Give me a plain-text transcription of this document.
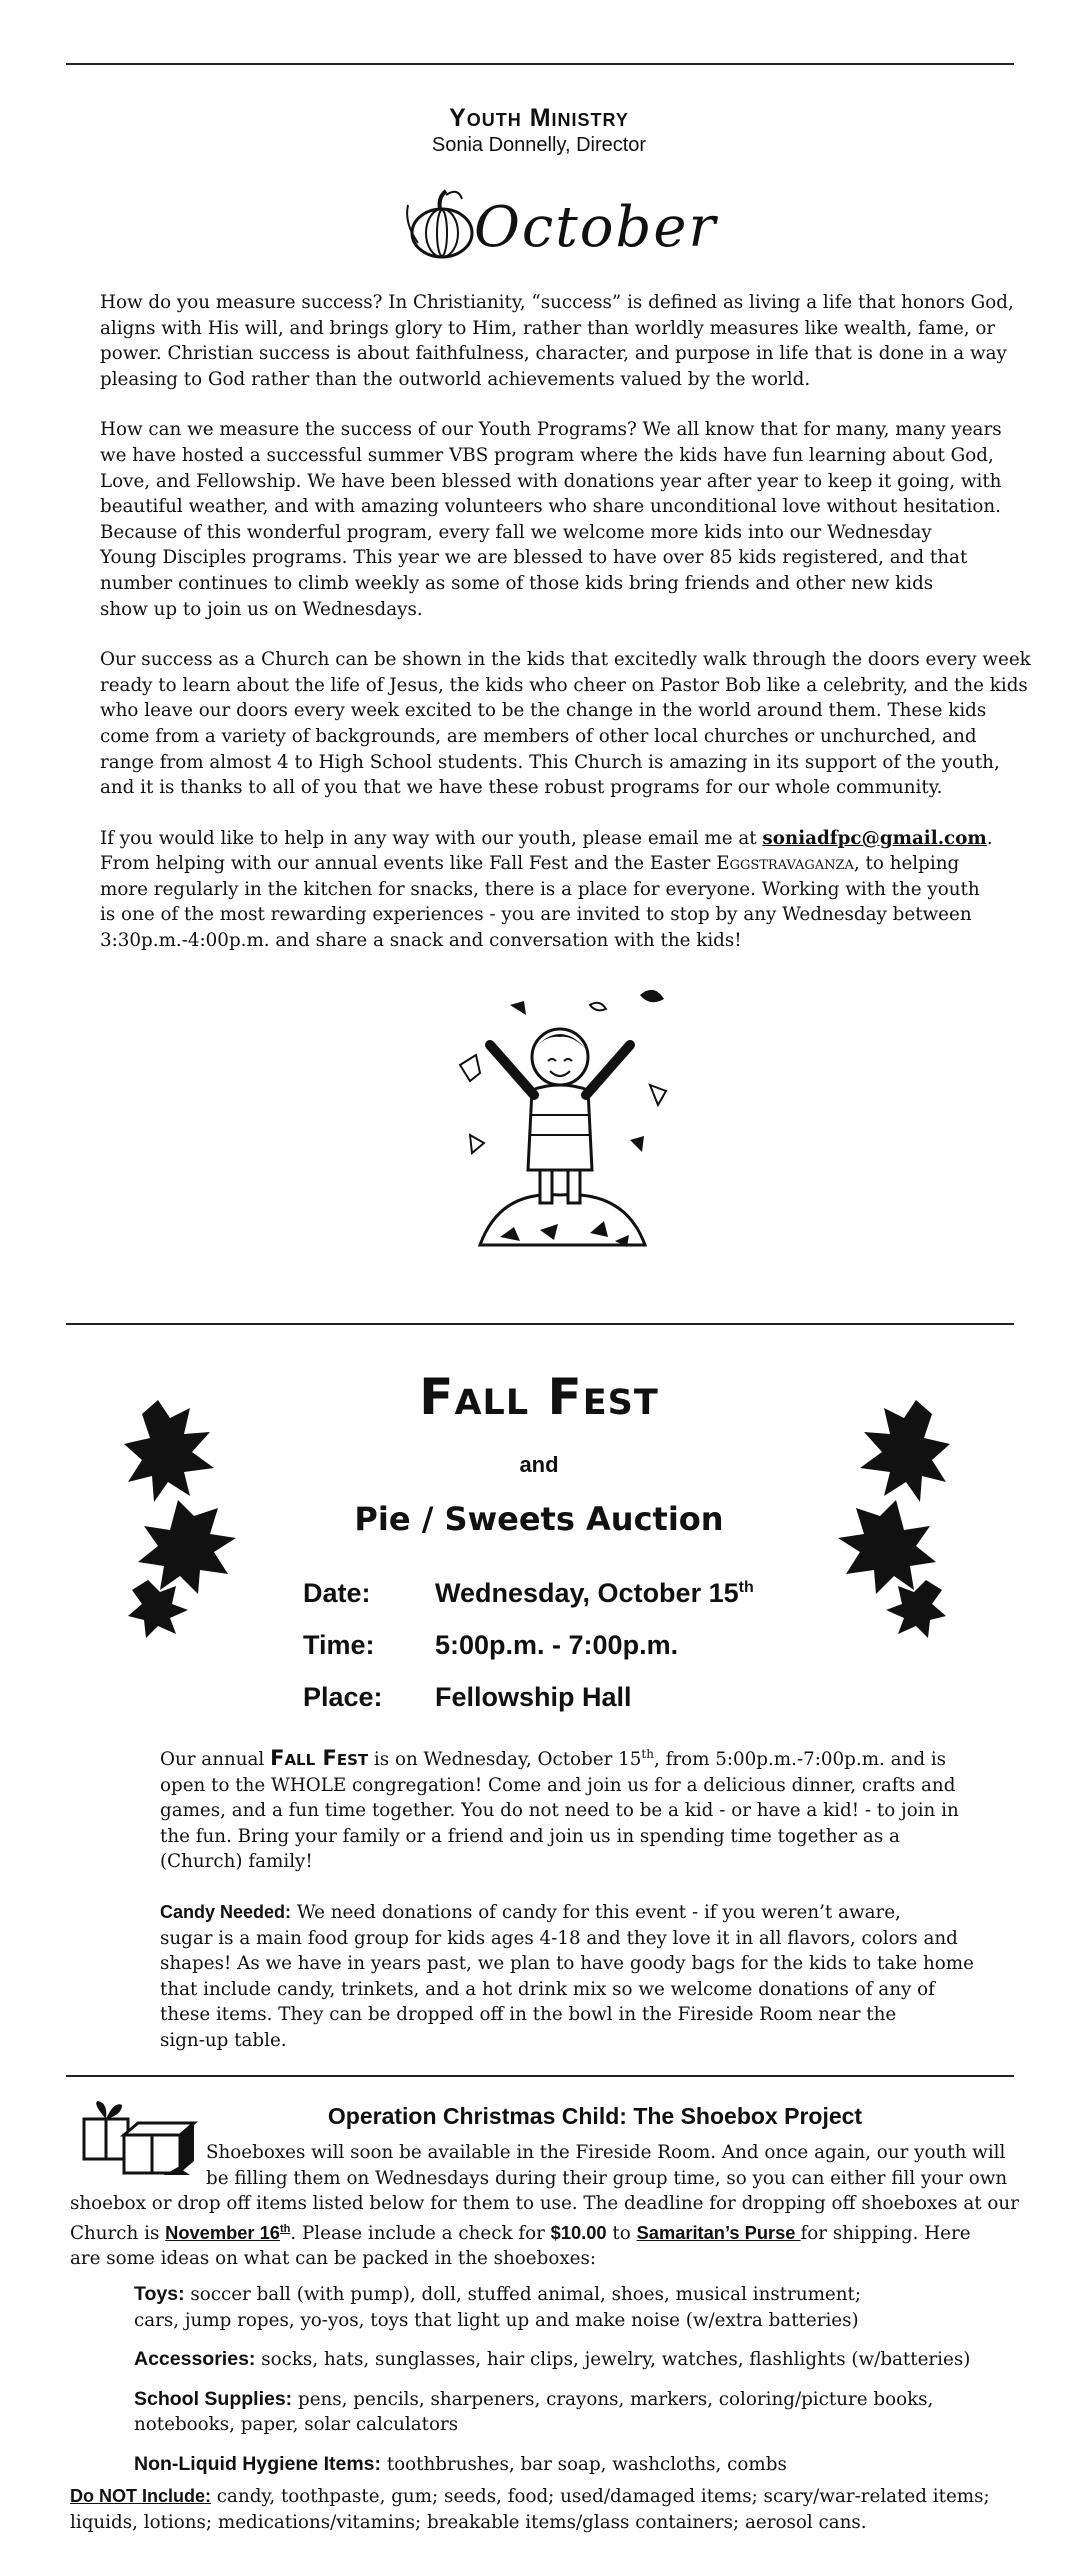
Youth Ministry
Sonia Donnelly, Director
October

How do you measure success? In Christianity, “success” is defined as living a life that honors God,
aligns with His will, and brings glory to Him, rather than worldly measures like wealth, fame, or
power. Christian success is about faithfulness, character, and purpose in life that is done in a way
pleasing to God rather than the outworld achievements valued by the world.

How can we measure the success of our Youth Programs? We all know that for many, many years
we have hosted a successful summer VBS program where the kids have fun learning about God,
Love, and Fellowship. We have been blessed with donations year after year to keep it going, with
beautiful weather, and with amazing volunteers who share unconditional love without hesitation.
Because of this wonderful program, every fall we welcome more kids into our Wednesday
Young Disciples programs. This year we are blessed to have over 85 kids registered, and that
number continues to climb weekly as some of those kids bring friends and other new kids
show up to join us on Wednesdays.

Our success as a Church can be shown in the kids that excitedly walk through the doors every week
ready to learn about the life of Jesus, the kids who cheer on Pastor Bob like a celebrity, and the kids
who leave our doors every week excited to be the change in the world around them. These kids
come from a variety of backgrounds, are members of other local churches or unchurched, and
range from almost 4 to High School students. This Church is amazing in its support of the youth,
and it is thanks to all of you that we have these robust programs for our whole community.

If you would like to help in any way with our youth, please email me at soniadfpc@gmail.com.
From helping with our annual events like Fall Fest and the Easter Eggstravaganza, to helping
more regularly in the kitchen for snacks, there is a place for everyone. Working with the youth
is one of the most rewarding experiences - you are invited to stop by any Wednesday between
3:30p.m.-4:00p.m. and share a snack and conversation with the kids!

Fall Fest
and
Pie / Sweets Auction
Date: Wednesday, October 15th
Time: 5:00p.m. - 7:00p.m.
Place: Fellowship Hall

Our annual Fall Fest is on Wednesday, October 15th, from 5:00p.m.-7:00p.m. and is
open to the WHOLE congregation! Come and join us for a delicious dinner, crafts and
games, and a fun time together. You do not need to be a kid - or have a kid! - to join in
the fun. Bring your family or a friend and join us in spending time together as a
(Church) family!

Candy Needed: We need donations of candy for this event - if you weren’t aware,
sugar is a main food group for kids ages 4-18 and they love it in all flavors, colors and
shapes! As we have in years past, we plan to have goody bags for the kids to take home
that include candy, trinkets, and a hot drink mix so we welcome donations of any of
these items. They can be dropped off in the bowl in the Fireside Room near the
sign-up table.

Operation Christmas Child: The Shoebox Project
Shoeboxes will soon be available in the Fireside Room. And once again, our youth will
be filling them on Wednesdays during their group time, so you can either fill your own
shoebox or drop off items listed below for them to use. The deadline for dropping off shoeboxes at our
Church is November 16th. Please include a check for $10.00 to Samaritan’s Purse for shipping. Here
are some ideas on what can be packed in the shoeboxes:
Toys: soccer ball (with pump), doll, stuffed animal, shoes, musical instrument;
cars, jump ropes, yo-yos, toys that light up and make noise (w/extra batteries)
Accessories: socks, hats, sunglasses, hair clips, jewelry, watches, flashlights (w/batteries)
School Supplies: pens, pencils, sharpeners, crayons, markers, coloring/picture books,
notebooks, paper, solar calculators
Non-Liquid Hygiene Items: toothbrushes, bar soap, washcloths, combs
Do NOT Include: candy, toothpaste, gum; seeds, food; used/damaged items; scary/war-related items;
liquids, lotions; medications/vitamins; breakable items/glass containers; aerosol cans.
